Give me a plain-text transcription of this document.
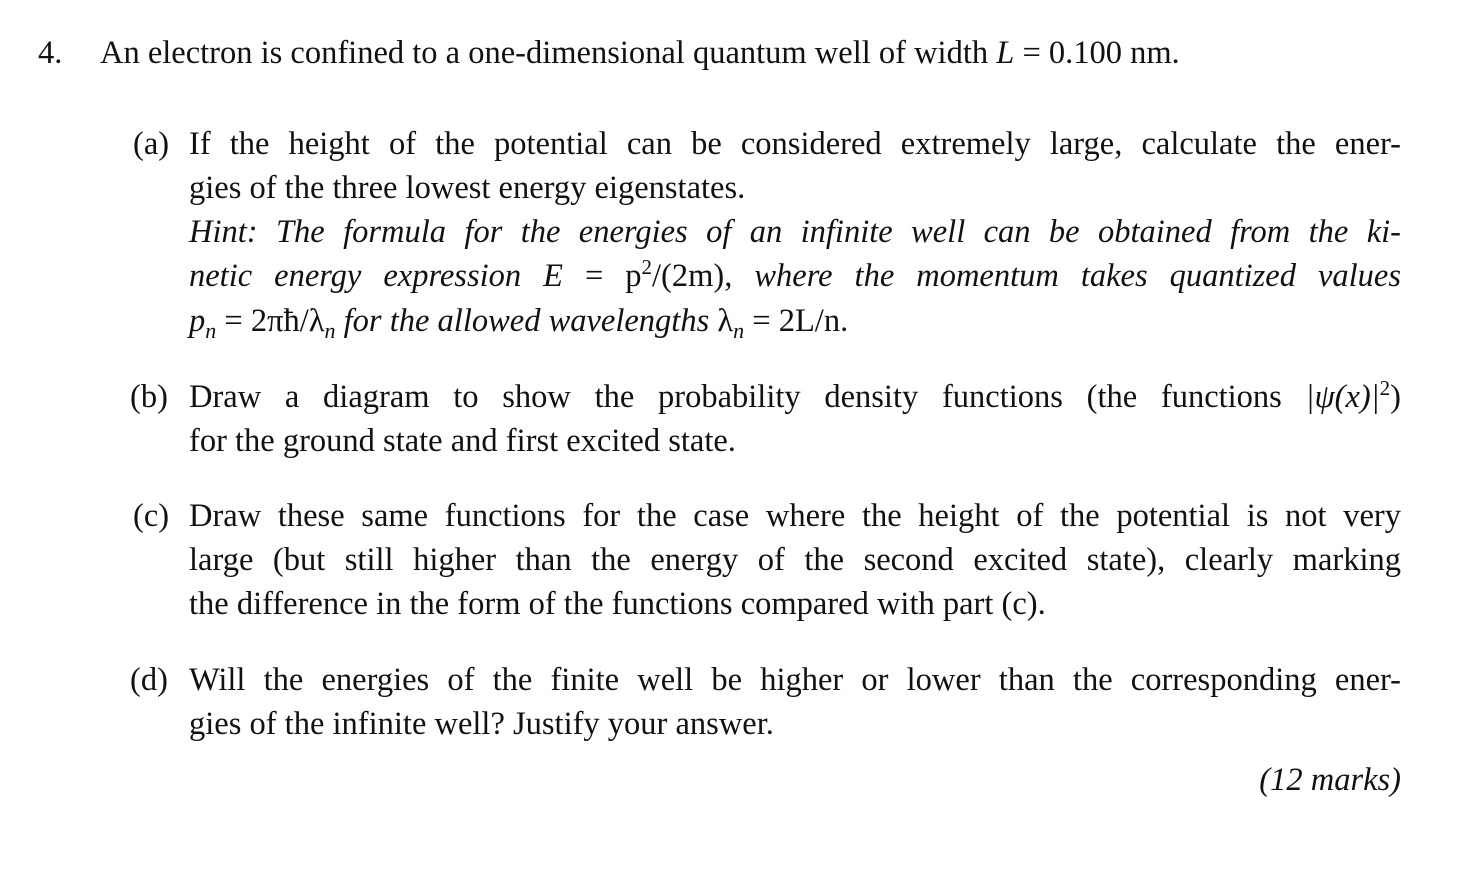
4. An electron is confined to a one-dimensional quantum well of width L = 0.100 nm.
(a) If the height of the potential can be considered extremely large, calculate the ener-
gies of the three lowest energy eigenstates.
Hint: The formula for the energies of an infinite well can be obtained from the ki-
netic energy expression $E = p^2/(2m)$, where the momentum takes quantized values
$p_n$ = $2\pi ħ/\lambda_n$ for the allowed wavelengths $\lambda_n = 2L/n$.
(b) Draw a diagram to show the probability density functions (the functions $|\psi(x)|^2$)
for the ground state and first excited state.
(c) Draw these same functions for the case where the height of the potential is not very
large (but still higher than the energy of the second excited state), clearly marking
the difference in the form of the functions compared with part (c).
(d) Will the energies of the finite well be higher or lower than the corresponding ener-
gies of the infinite well? Justify your answer.
(12 marks)
